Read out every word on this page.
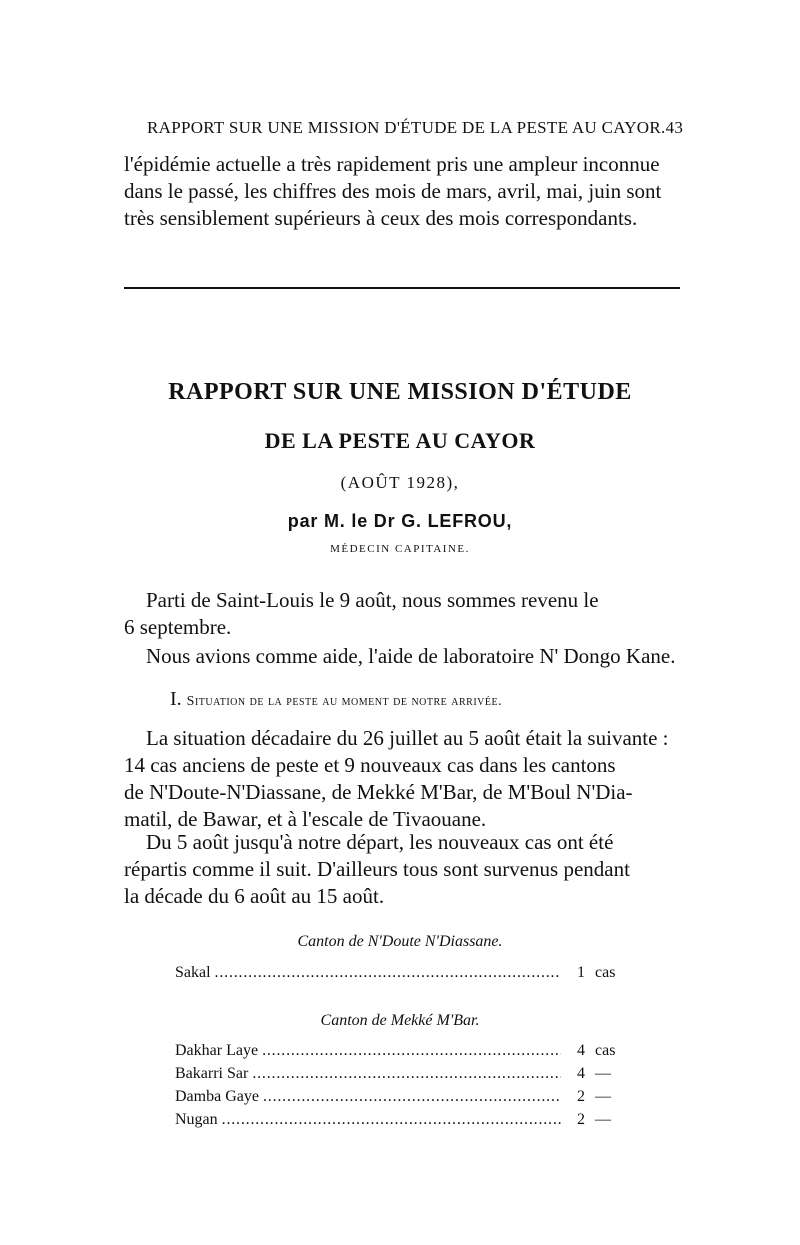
RAPPORT SUR UNE MISSION D'ÉTUDE DE LA PESTE AU CAYOR. 43
l'épidémie actuelle a très rapidement pris une ampleur inconnue
dans le passé, les chiffres des mois de mars, avril, mai, juin sont
très sensiblement supérieurs à ceux des mois correspondants.
RAPPORT SUR UNE MISSION D'ÉTUDE
DE LA PESTE AU CAYOR
(AOÛT 1928),
par M. le Dr G. LEFROU,
MÉDECIN CAPITAINE.
Parti de Saint-Louis le 9 août, nous sommes revenu le
6 septembre.
Nous avions comme aide, l'aide de laboratoire N' Dongo Kane.
I. Situation de la peste au moment de notre arrivée.
La situation décadaire du 26 juillet au 5 août était la suivante :
14 cas anciens de peste et 9 nouveaux cas dans les cantons
de N'Doute-N'Diassane, de Mekké M'Bar, de M'Boul N'Dia-
matil, de Bawar, et à l'escale de Tivaouane.
Du 5 août jusqu'à notre départ, les nouveaux cas ont été
répartis comme il suit. D'ailleurs tous sont survenus pendant
la décade du 6 août au 15 août.
Canton de N'Doute N'Diassane.
Sakal . . .	1 cas
Canton de Mekké M'Bar.
Dakhar Laye . . .	4 cas
Bakarri Sar . . .	4 —
Damba Gaye . . .	2 —
Nugan . . .	2 —
